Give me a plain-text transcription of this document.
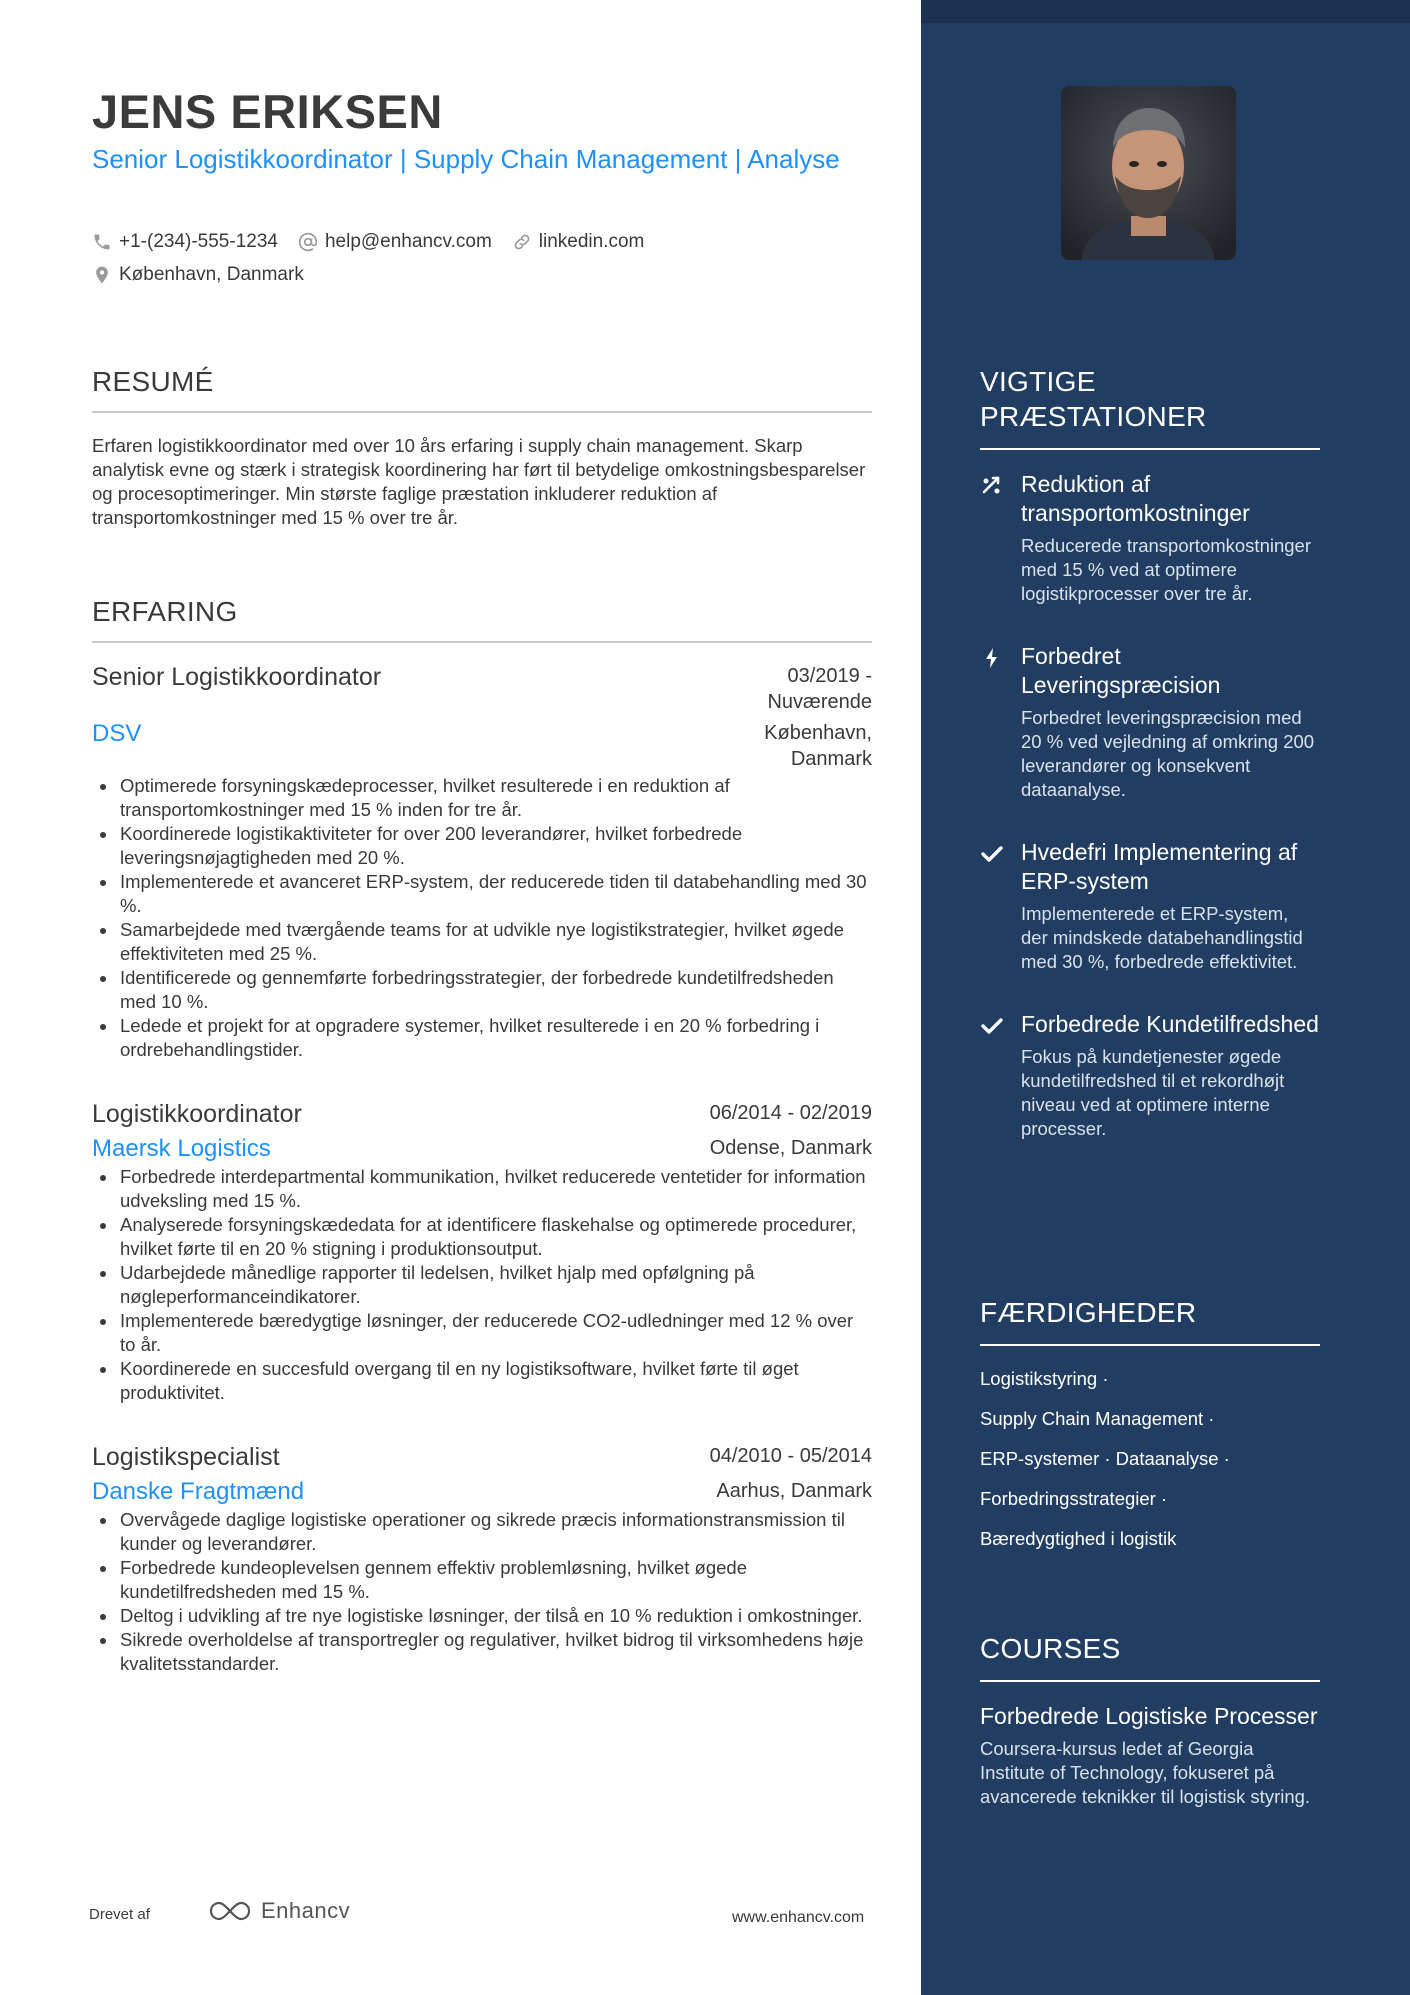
JENS ERIKSEN
Senior Logistikkoordinator | Supply Chain Management | Analyse
+1-(234)-555-1234 help@enhancv.com linkedin.com
København, Danmark
RESUMÉ
Erfaren logistikkoordinator med over 10 års erfaring i supply chain management. Skarp analytisk evne og stærk i strategisk koordinering har ført til betydelige omkostningsbesparelser og procesoptimeringer. Min største faglige præstation inkluderer reduktion af transportomkostninger med 15 % over tre år.
ERFARING
Senior Logistikkoordinator	03/2019 -
Nuværende
DSV	København,
Danmark
Optimerede forsyningskædeprocesser, hvilket resulterede i en reduktion af transportomkostninger med 15 % inden for tre år.
Koordinerede logistikaktiviteter for over 200 leverandører, hvilket forbedrede leveringsnøjagtigheden med 20 %.
Implementerede et avanceret ERP-system, der reducerede tiden til databehandling med 30 %.
Samarbejdede med tværgående teams for at udvikle nye logistikstrategier, hvilket øgede effektiviteten med 25 %.
Identificerede og gennemførte forbedringsstrategier, der forbedrede kundetilfredsheden med 10 %.
Ledede et projekt for at opgradere systemer, hvilket resulterede i en 20 % forbedring i ordrebehandlingstider.
Logistikkoordinator	06/2014 - 02/2019
Maersk Logistics	Odense, Danmark
Forbedrede interdepartmental kommunikation, hvilket reducerede ventetider for information udveksling med 15 %.
Analyserede forsyningskædedata for at identificere flaskehalse og optimerede procedurer, hvilket førte til en 20 % stigning i produktionsoutput.
Udarbejdede månedlige rapporter til ledelsen, hvilket hjalp med opfølgning på nøgleperformanceindikatorer.
Implementerede bæredygtige løsninger, der reducerede CO2-udledninger med 12 % over to år.
Koordinerede en succesfuld overgang til en ny logistiksoftware, hvilket førte til øget produktivitet.
Logistikspecialist	04/2010 - 05/2014
Danske Fragtmænd	Aarhus, Danmark
Overvågede daglige logistiske operationer og sikrede præcis informationstransmission til kunder og leverandører.
Forbedrede kundeoplevelsen gennem effektiv problemløsning, hvilket øgede kundetilfredsheden med 15 %.
Deltog i udvikling af tre nye logistiske løsninger, der tilså en 10 % reduktion i omkostninger.
Sikrede overholdelse af transportregler og regulativer, hvilket bidrog til virksomhedens høje kvalitetsstandarder.
Drevet af	Enhancv	www.enhancv.com
VIGTIGE
PRÆSTATIONER
Reduktion af transportomkostninger
Reducerede transportomkostninger med 15 % ved at optimere logistikprocesser over tre år.
Forbedret Leveringspræcision
Forbedret leveringspræcision med 20 % ved vejledning af omkring 200 leverandører og konsekvent dataanalyse.
Hvedefri Implementering af ERP-system
Implementerede et ERP-system, der mindskede databehandlingstid med 30 %, forbedrede effektivitet.
Forbedrede Kundetilfredshed
Fokus på kundetjenester øgede kundetilfredshed til et rekordhøjt niveau ved at optimere interne processer.
FÆRDIGHEDER
Logistikstyring ·
Supply Chain Management ·
ERP-systemer · Dataanalyse ·
Forbedringsstrategier ·
Bæredygtighed i logistik
COURSES
Forbedrede Logistiske Processer
Coursera-kursus ledet af Georgia Institute of Technology, fokuseret på avancerede teknikker til logistisk styring.
